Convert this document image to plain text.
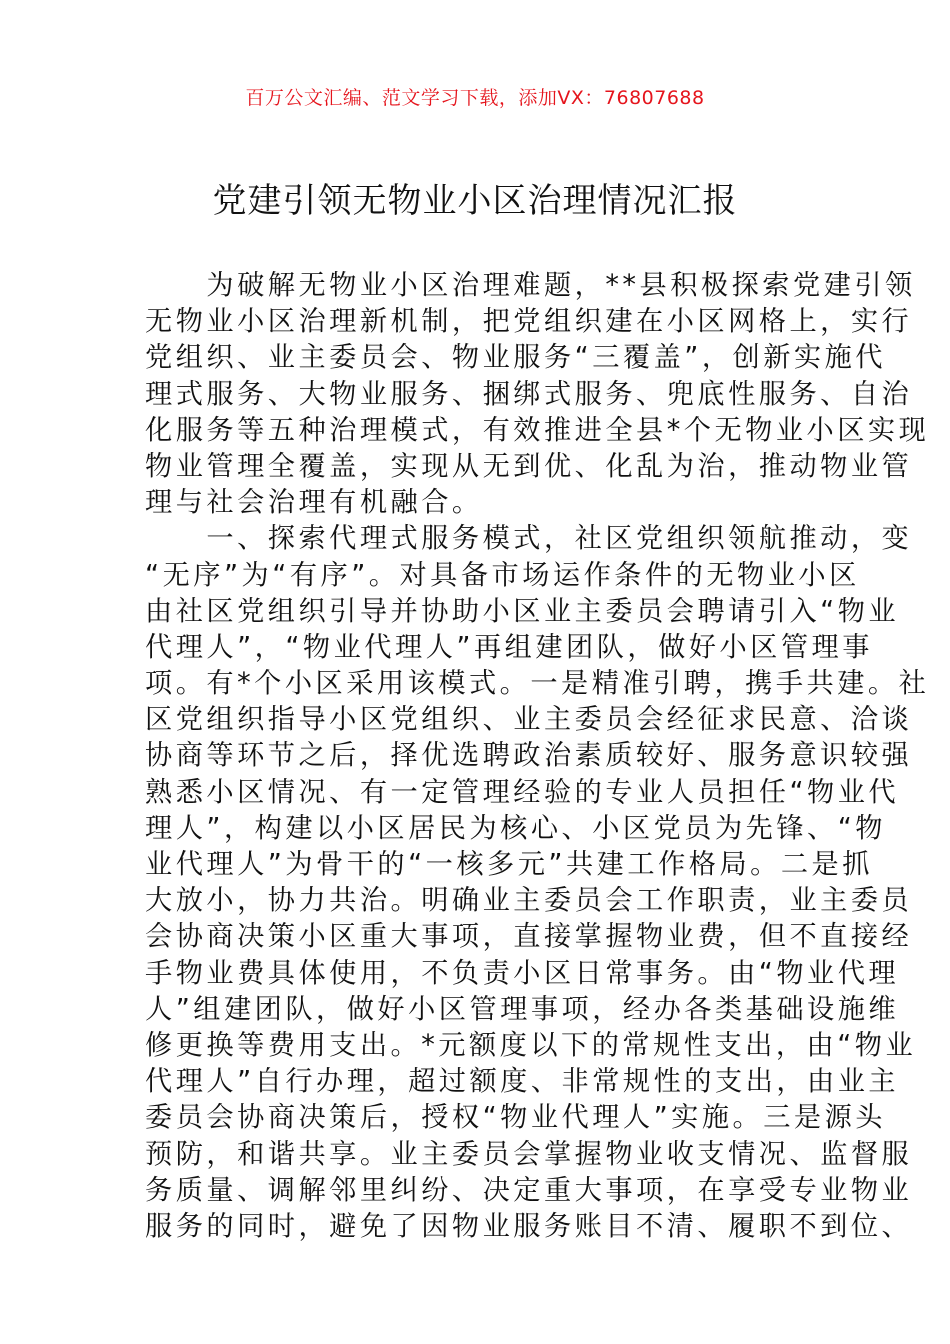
百万公文汇编、范文学习下载，添加VX：76807688
党建引领无物业小区治理情况汇报
　　为破解无物业小区治理难题，**县积极探索党建引领
无物业小区治理新机制，把党组织建在小区网格上，实行
党组织、业主委员会、物业服务“三覆盖”，创新实施代
理式服务、大物业服务、捆绑式服务、兜底性服务、自治
化服务等五种治理模式，有效推进全县*个无物业小区实现
物业管理全覆盖，实现从无到优、化乱为治，推动物业管
理与社会治理有机融合。
　　一、探索代理式服务模式，社区党组织领航推动，变
“无序”为“有序”。对具备市场运作条件的无物业小区
由社区党组织引导并协助小区业主委员会聘请引入“物业
代理人”，“物业代理人”再组建团队，做好小区管理事
项。有*个小区采用该模式。一是精准引聘，携手共建。社
区党组织指导小区党组织、业主委员会经征求民意、洽谈
协商等环节之后，择优选聘政治素质较好、服务意识较强
熟悉小区情况、有一定管理经验的专业人员担任“物业代
理人”，构建以小区居民为核心、小区党员为先锋、“物
业代理人”为骨干的“一核多元”共建工作格局。二是抓
大放小，协力共治。明确业主委员会工作职责，业主委员
会协商决策小区重大事项，直接掌握物业费，但不直接经
手物业费具体使用，不负责小区日常事务。由“物业代理
人”组建团队，做好小区管理事项，经办各类基础设施维
修更换等费用支出。*元额度以下的常规性支出，由“物业
代理人”自行办理，超过额度、非常规性的支出，由业主
委员会协商决策后，授权“物业代理人”实施。三是源头
预防，和谐共享。业主委员会掌握物业收支情况、监督服
务质量、调解邻里纠纷、决定重大事项，在享受专业物业
服务的同时，避免了因物业服务账目不清、履职不到位、
